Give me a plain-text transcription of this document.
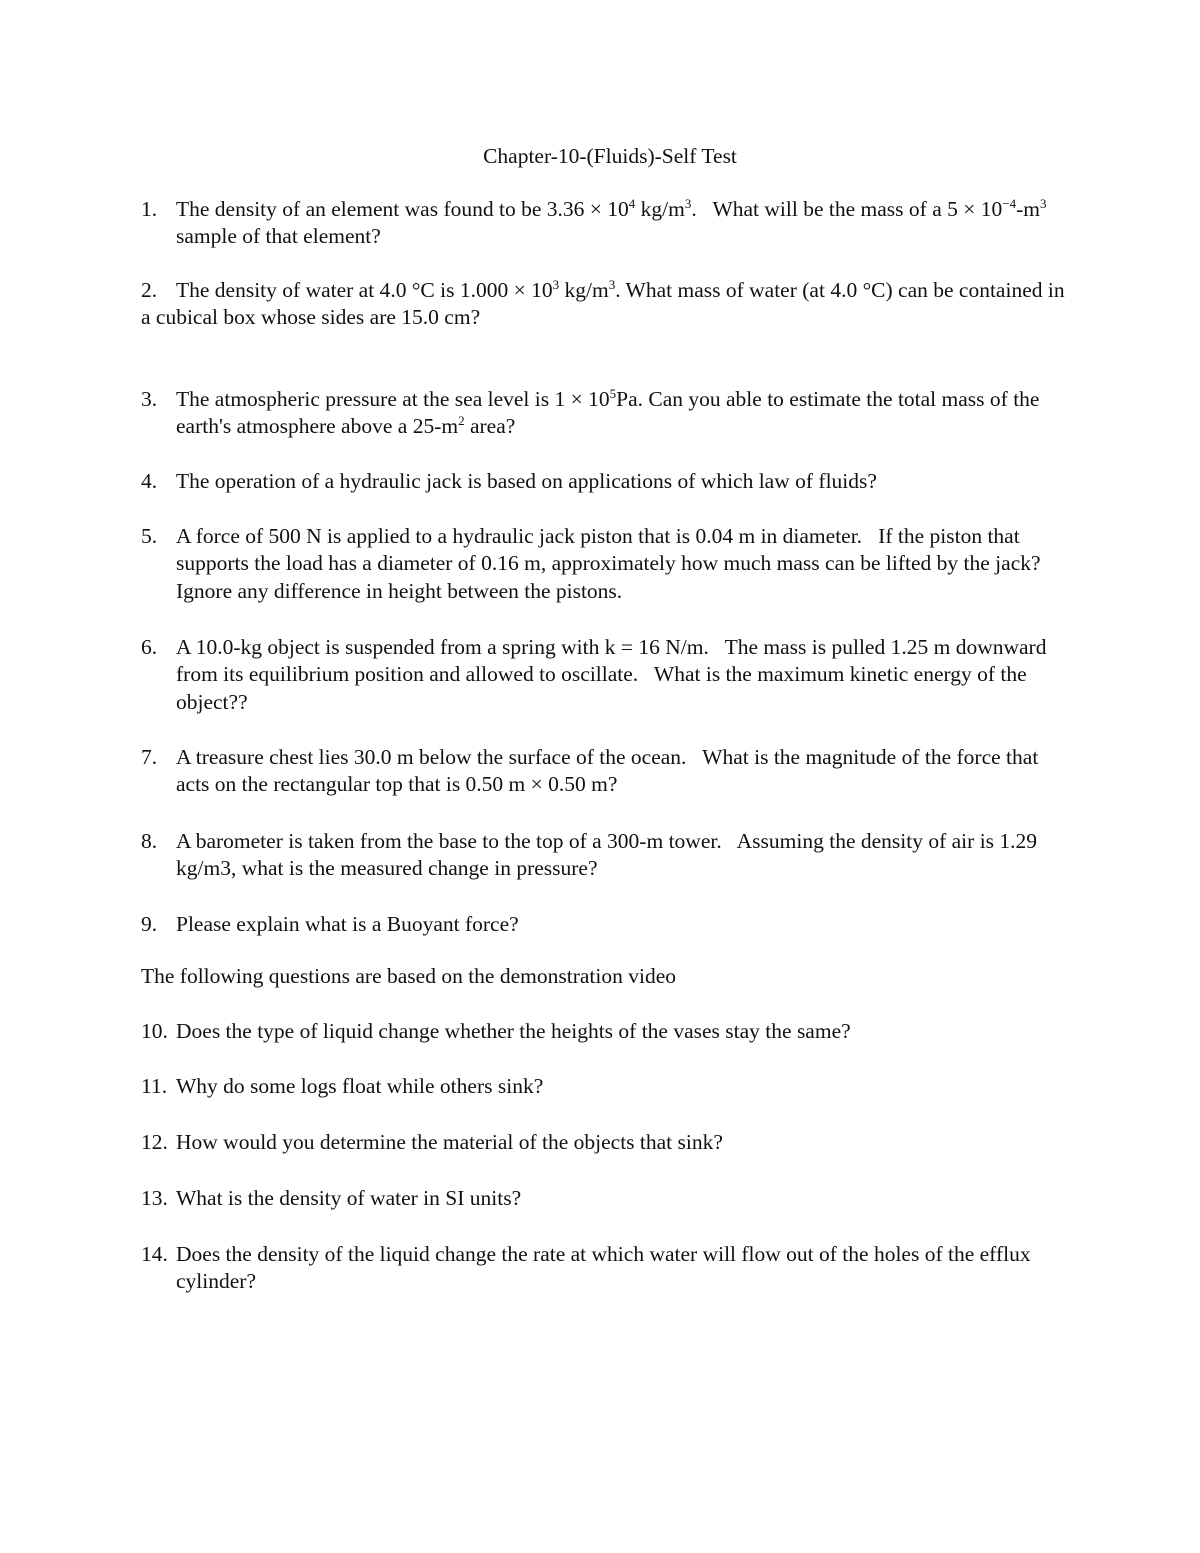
Chapter-10-(Fluids)-Self Test
1. The density of an element was found to be $3.36 \times 10^4$ $kg/m^3$.   What will be the mass of a $5 \times 10^{-4}-m^3$ sample of that element?
2. The density of water at 4.0 °C is $1.000 \times 10^3$ $kg/m^3$. What mass of water (at 4.0 °C) can be contained in a cubical box whose sides are 15.0 cm?
3. The atmospheric pressure at the sea level is $1 \times 10^5Pa$. Can you able to estimate the total mass of the earth's atmosphere above a $25-m^2$ area?
4. The operation of a hydraulic jack is based on applications of which law of fluids?
5. A force of 500 N is applied to a hydraulic jack piston that is 0.04 m in diameter.   If the piston that supports the load has a diameter of 0.16 m, approximately how much mass can be lifted by the jack?   Ignore any difference in height between the pistons.
6. A 10.0-kg object is suspended from a spring with k = 16 N/m.   The mass is pulled 1.25 m downward from its equilibrium position and allowed to oscillate.   What is the maximum kinetic energy of the object??
7. A treasure chest lies 30.0 m below the surface of the ocean.   What is the magnitude of the force that acts on the rectangular top that is 0.50 m × 0.50 m?
8. A barometer is taken from the base to the top of a 300-m tower.   Assuming the density of air is 1.29 kg/m3, what is the measured change in pressure?
9. Please explain what is a Buoyant force?
The following questions are based on the demonstration video
10. Does the type of liquid change whether the heights of the vases stay the same?
11. Why do some logs float while others sink?
12. How would you determine the material of the objects that sink?
13. What is the density of water in SI units?
14. Does the density of the liquid change the rate at which water will flow out of the holes of the efflux cylinder?
